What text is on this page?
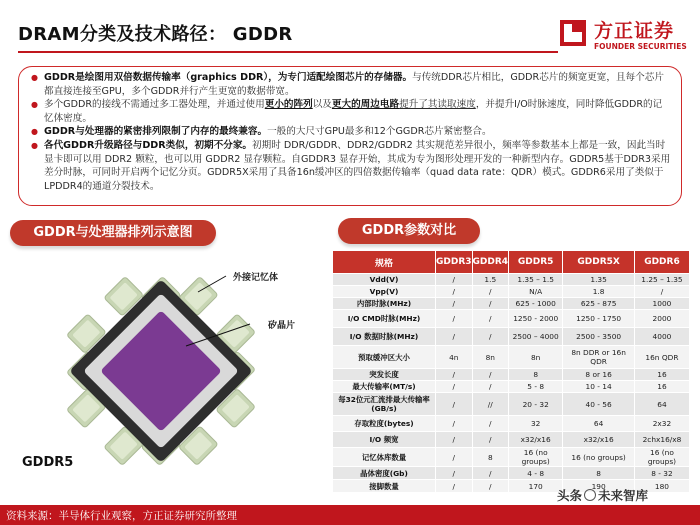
DRAM分类及技术路径： GDDR	方正证券
FOUNDER SECURITIES
● GDDR是绘图用双倍数据传输率（graphics DDR），为专门适配绘图芯片的存储器。与传统DDR芯片相比，GDDR芯片的频宽更宽，且每个芯片都直接连接至GPU，多个GDDR并行产生更宽的数据带宽。
● 多个GDDR的接线不需通过多工器处理，并通过使用更小的阵列以及更大的周边电路提升了其读取速度，并提升I/O时脉速度，同时降低GDDR的记忆体密度。
● GDDR与处理器的紧密排列限制了内存的最终兼容。一般的大尺寸GPU最多和12个GGDR芯片紧密整合。
● 各代GDDR升级路径与DDR类似，初期不分家。初期时 DDR/GDDR、DDR2/GDDR2 其实规范差异很小，频率等参数基本上都是一致，因此当时显卡即可以用 DDR2 颗粒，也可以用 GDDR2 显存颗粒。自GDDR3 显存开始，其成为专为图形处理开发的一种新型内存。GDDR5基于DDR3采用差分时脉，可同时开启两个记忆分页。GDDR5X采用了具备16n缓冲区的四倍数据传输率（quad data rate：QDR）模式。GDDR6采用了类似于LPDDR4的通道分裂技术。
GDDR与处理器排列示意图	GDDR参数对比
外接记忆体
矽晶片
GDDR5
规格	GDDR3	GDDR4	GDDR5	GDDR5X	GDDR6
Vdd(V)	/	1.5	1.35 – 1.5	1.35	1.25 – 1.35
Vpp(V)	/	/	N/A	1.8	/
内部时脉(MHz)	/	/	625 - 1000	625 - 875	1000
I/O CMD时脉(MHz)	/	/	1250 - 2000	1250 - 1750	2000
I/O 数据时脉(MHz)	/	/	2500 – 4000	2500 - 3500	4000
预取缓冲区大小	4n	8n	8n	8n DDR or 16n QDR	16n QDR
突发长度	/	/	8	8 or 16	16
最大传输率(MT/s)	/	/	5 - 8	10 - 14	16
每32位元汇流排最大传输率(GB/s)	/	//	20 - 32	40 - 56	64
存取粒度(bytes)	/	/	32	64	2x32
I/O 频宽	/	/	x32/x16	x32/x16	2chx16/x8
记忆体库数量	/	8	16 (no groups)	16 (no groups)	16 (no groups)
晶体密度(Gb)	/	/	4 - 8	8	8 - 32
接脚数量	/	/	170	190	180
头条 未来智库
资料来源：半导体行业观察，方正证券研究所整理
